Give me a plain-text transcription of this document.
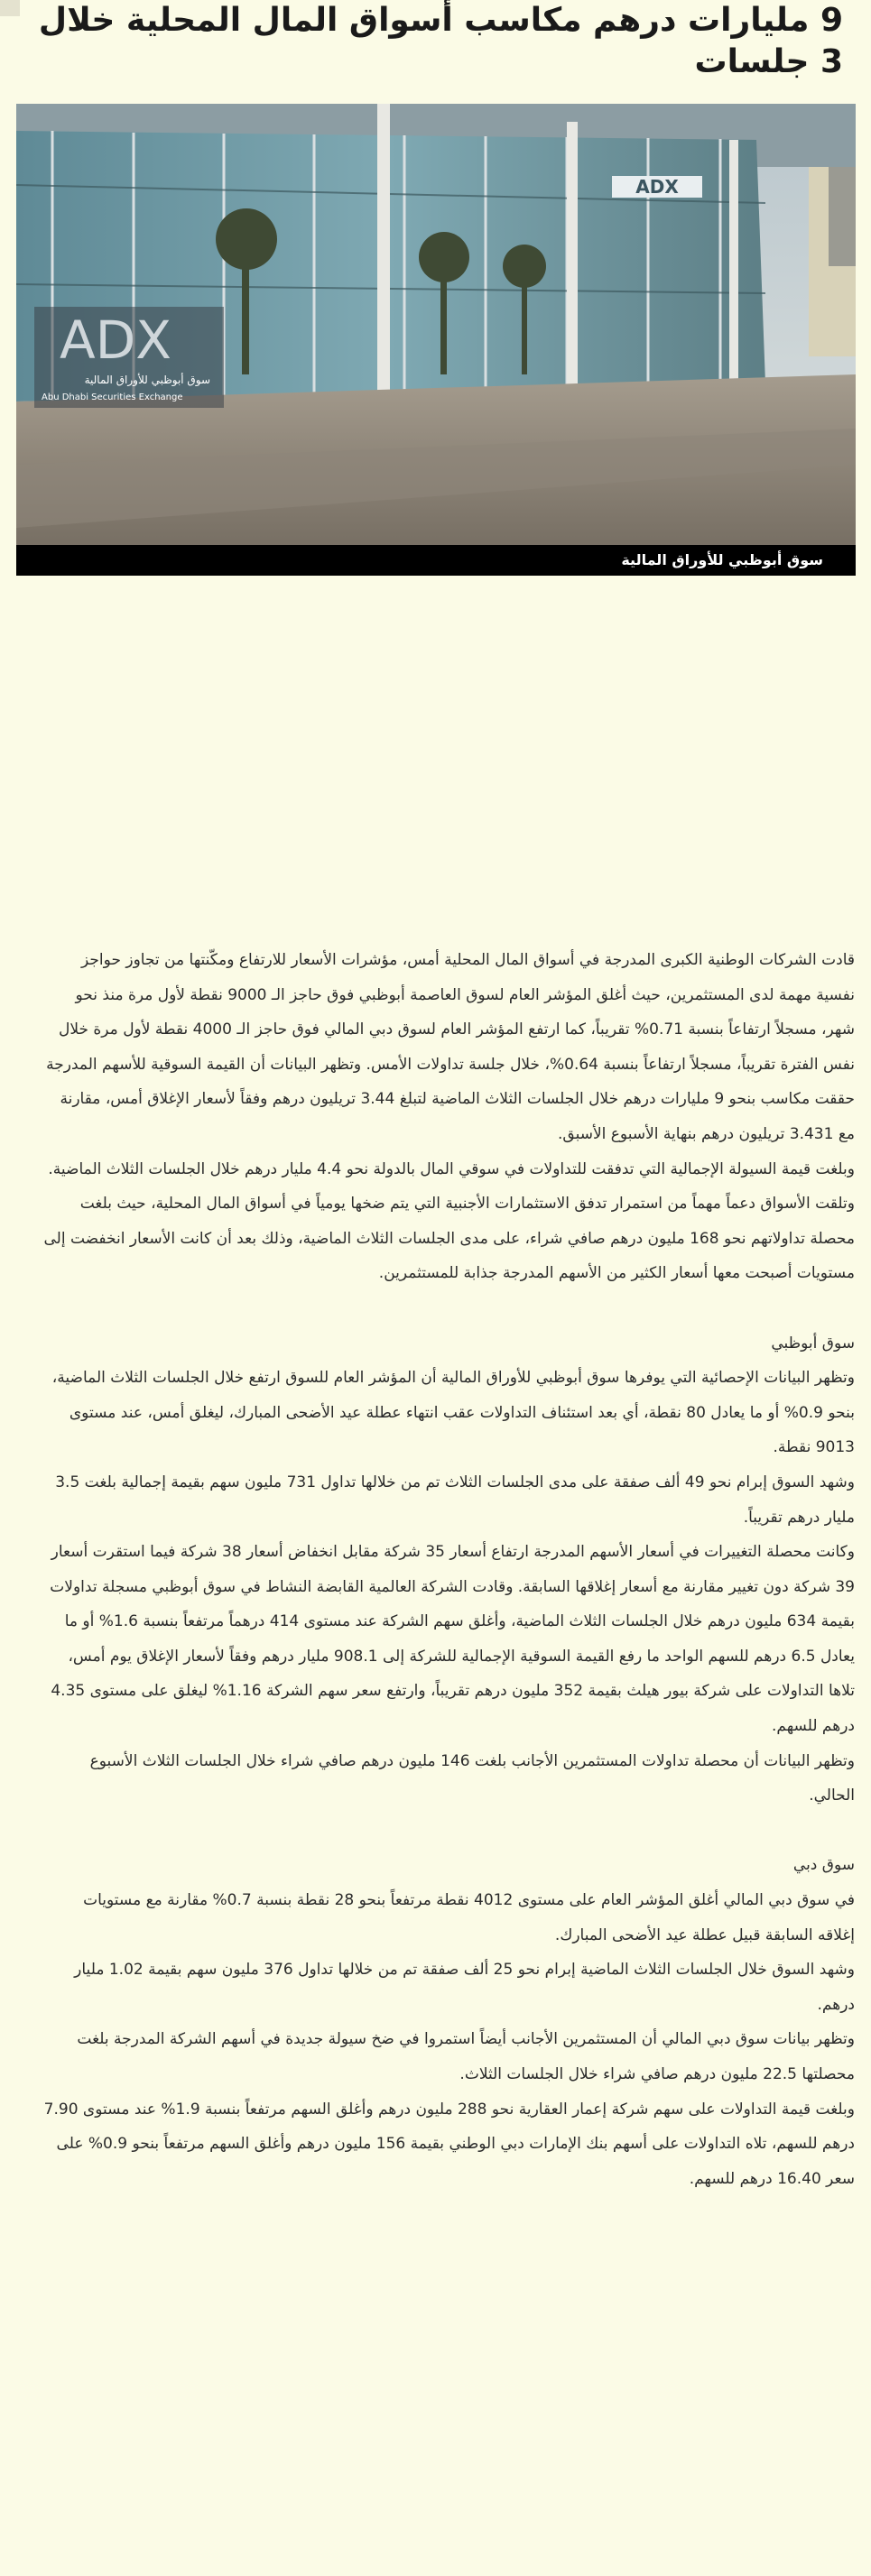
9 مليارات درهم مكاسب أسواق المال المحلية خلال 3 جلسات
ADX
ADX
سوق أبوظبي للأوراق المالية
Abu Dhabi Securities Exchange
سوق أبوظبي للأوراق المالية

قادت الشركات الوطنية الكبرى المدرجة في أسواق المال المحلية أمس، مؤشرات الأسعار للارتفاع ومكّنتها من تجاوز حواجز نفسية مهمة لدى المستثمرين، حيث أغلق المؤشر العام لسوق العاصمة أبوظبي فوق حاجز الـ 9000 نقطة لأول مرة منذ نحو شهر، مسجلاً ارتفاعاً بنسبة 0.71% تقريباً، كما ارتفع المؤشر العام لسوق دبي المالي فوق حاجز الـ 4000 نقطة لأول مرة خلال نفس الفترة تقريباً، مسجلاً ارتفاعاً بنسبة 0.64%، خلال جلسة تداولات الأمس. وتظهر البيانات أن القيمة السوقية للأسهم المدرجة حققت مكاسب بنحو 9 مليارات درهم خلال الجلسات الثلاث الماضية لتبلغ 3.44 تريليون درهم وفقاً لأسعار الإغلاق أمس، مقارنة مع 3.431 تريليون درهم بنهاية الأسبوع الأسبق.

وبلغت قيمة السيولة الإجمالية التي تدفقت للتداولات في سوقي المال بالدولة نحو 4.4 مليار درهم خلال الجلسات الثلاث الماضية.

وتلقت الأسواق دعماً مهماً من استمرار تدفق الاستثمارات الأجنبية التي يتم ضخها يومياً في أسواق المال المحلية، حيث بلغت محصلة تداولاتهم نحو 168 مليون درهم صافي شراء، على مدى الجلسات الثلاث الماضية، وذلك بعد أن كانت الأسعار انخفضت إلى مستويات أصبحت معها أسعار الكثير من الأسهم المدرجة جذابة للمستثمرين.

سوق أبوظبي

وتظهر البيانات الإحصائية التي يوفرها سوق أبوظبي للأوراق المالية أن المؤشر العام للسوق ارتفع خلال الجلسات الثلاث الماضية، بنحو 0.9% أو ما يعادل 80 نقطة، أي بعد استئناف التداولات عقب انتهاء عطلة عيد الأضحى المبارك، ليغلق أمس، عند مستوى 9013 نقطة.

وشهد السوق إبرام نحو 49 ألف صفقة على مدى الجلسات الثلاث تم من خلالها تداول 731 مليون سهم بقيمة إجمالية بلغت 3.5 مليار درهم تقريباً.

وكانت محصلة التغييرات في أسعار الأسهم المدرجة ارتفاع أسعار 35 شركة مقابل انخفاض أسعار 38 شركة فيما استقرت أسعار 39 شركة دون تغيير مقارنة مع أسعار إغلاقها السابقة. وقادت الشركة العالمية القابضة النشاط في سوق أبوظبي مسجلة تداولات بقيمة 634 مليون درهم خلال الجلسات الثلاث الماضية، وأغلق سهم الشركة عند مستوى 414 درهماً مرتفعاً بنسبة 1.6% أو ما يعادل 6.5 درهم للسهم الواحد ما رفع القيمة السوقية الإجمالية للشركة إلى 908.1 مليار درهم وفقاً لأسعار الإغلاق يوم أمس، تلاها التداولات على شركة بيور هيلث بقيمة 352 مليون درهم تقريباً، وارتفع سعر سهم الشركة 1.16% ليغلق على مستوى 4.35 درهم للسهم.

وتظهر البيانات أن محصلة تداولات المستثمرين الأجانب بلغت 146 مليون درهم صافي شراء خلال الجلسات الثلاث الأسبوع الحالي.

سوق دبي

في سوق دبي المالي أغلق المؤشر العام على مستوى 4012 نقطة مرتفعاً بنحو 28 نقطة بنسبة 0.7% مقارنة مع مستويات إغلاقه السابقة قبيل عطلة عيد الأضحى المبارك.

وشهد السوق خلال الجلسات الثلاث الماضية إبرام نحو 25 ألف صفقة تم من خلالها تداول 376 مليون سهم بقيمة 1.02 مليار درهم.

وتظهر بيانات سوق دبي المالي أن المستثمرين الأجانب أيضاً استمروا في ضخ سيولة جديدة في أسهم الشركة المدرجة بلغت محصلتها 22.5 مليون درهم صافي شراء خلال الجلسات الثلاث.

وبلغت قيمة التداولات على سهم شركة إعمار العقارية نحو 288 مليون درهم وأغلق السهم مرتفعاً بنسبة 1.9% عند مستوى 7.90 درهم للسهم، تلاه التداولات على أسهم بنك الإمارات دبي الوطني بقيمة 156 مليون درهم وأغلق السهم مرتفعاً بنحو 0.9% على سعر 16.40 درهم للسهم.
